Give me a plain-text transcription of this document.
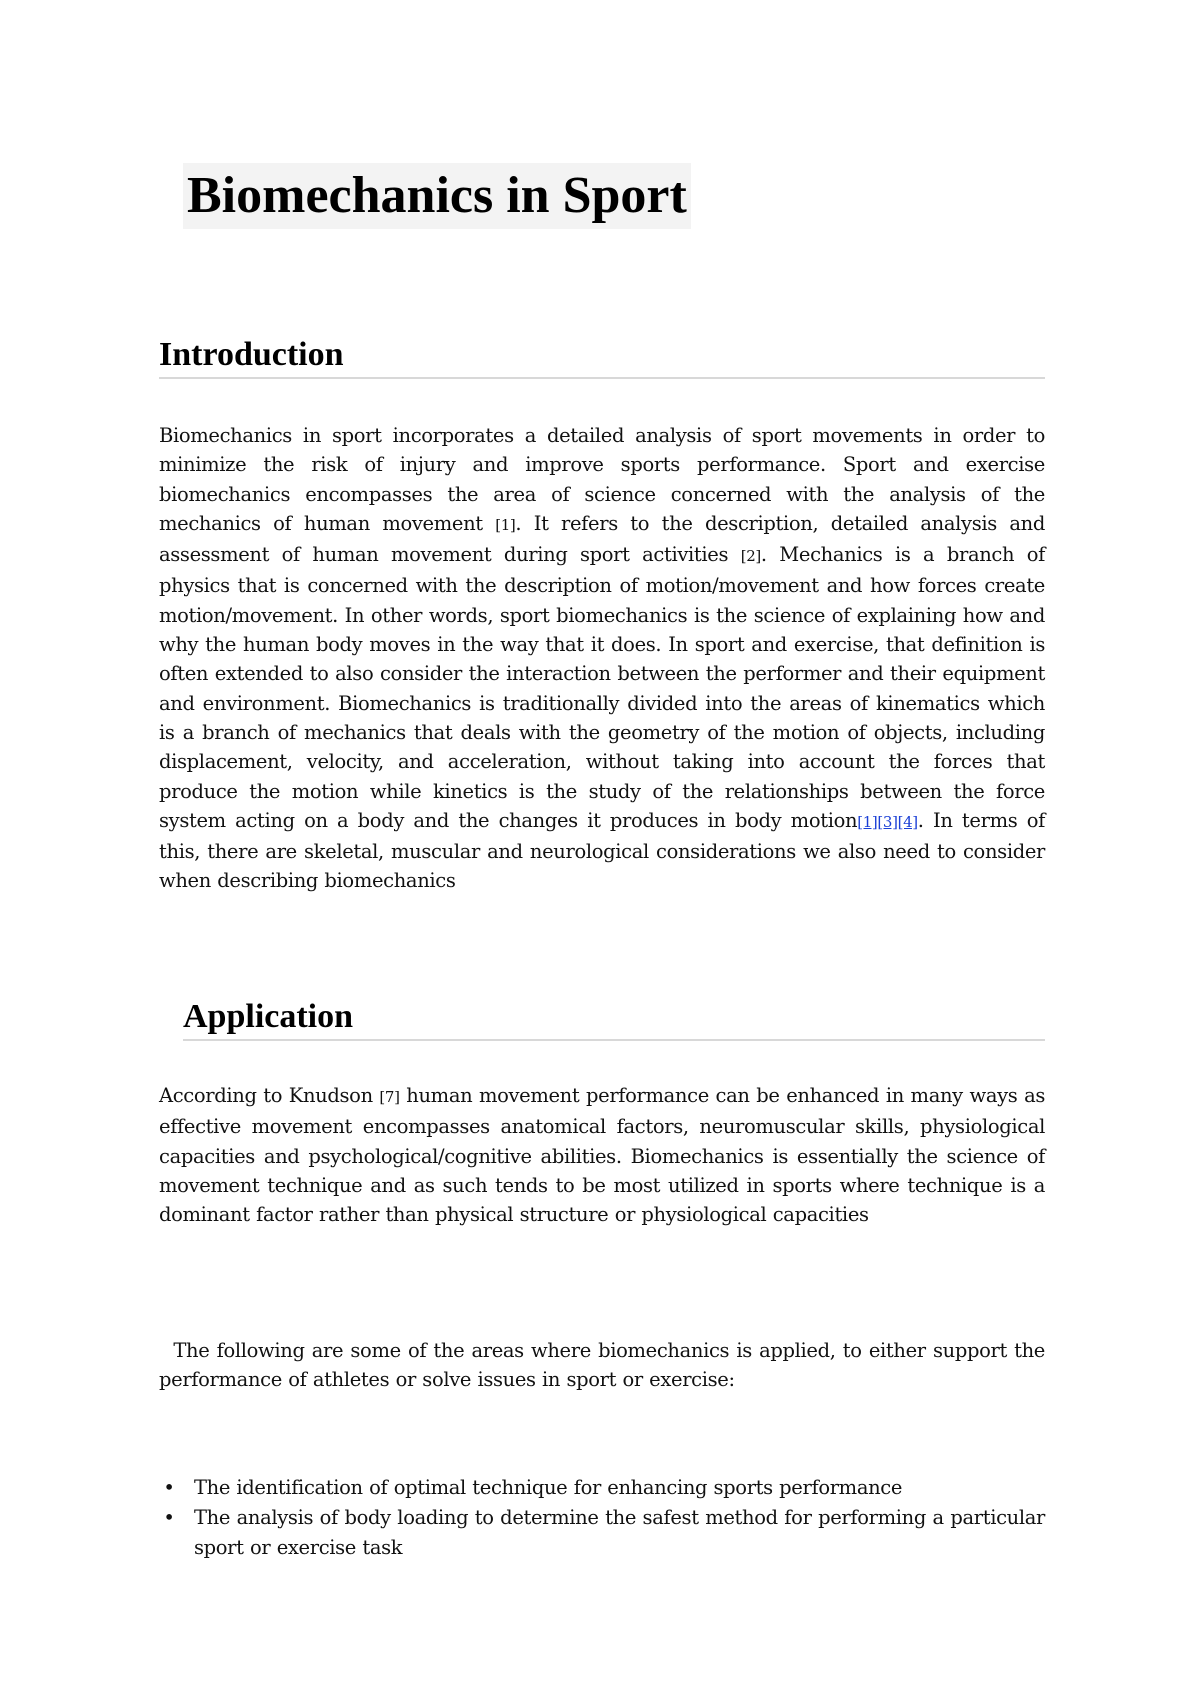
Biomechanics in Sport
Introduction

Biomechanics in sport incorporates a detailed analysis of sport movements in order to minimize the risk of injury and improve sports performance. Sport and exercise biomechanics encompasses the area of science concerned with the analysis of the mechanics of human movement [1]. It refers to the description, detailed analysis and assessment of human movement during sport activities [2]. Mechanics is a branch of physics that is concerned with the description of motion/movement and how forces create motion/movement. In other words, sport biomechanics is the science of explaining how and why the human body moves in the way that it does. In sport and exercise, that definition is often extended to also consider the interaction between the performer and their equipment and environment. Biomechanics is traditionally divided into the areas of kinematics which is a branch of mechanics that deals with the geometry of the motion of objects, including displacement, velocity, and acceleration, without taking into account the forces that produce the motion while kinetics is the study of the relationships between the force system acting on a body and the changes it produces in body motion[1][3][4]. In terms of this, there are skeletal, muscular and neurological considerations we also need to consider when describing biomechanics

Application

According to Knudson [7] human movement performance can be enhanced in many ways as effective movement encompasses anatomical factors, neuromuscular skills, physiological capacities and psychological/cognitive abilities. Biomechanics is essentially the science of movement technique and as such tends to be most utilized in sports where technique is a dominant factor rather than physical structure or physiological capacities

The following are some of the areas where biomechanics is applied, to either support the performance of athletes or solve issues in sport or exercise:

• The identification of optimal technique for enhancing sports performance
• The analysis of body loading to determine the safest method for performing a particular sport or exercise task
